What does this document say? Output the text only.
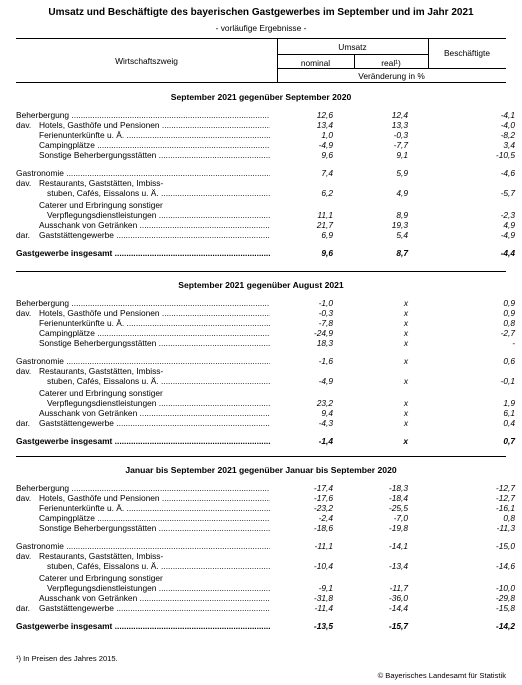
Umsatz und Beschäftigte des bayerischen Gastgewerbes im September und im Jahr 2021
- vorläufige Ergebnisse -
Wirtschaftszweig
Umsatz
Beschäftigte
nominal	real¹)
Veränderung in %
September 2021 gegenüber September 2020
Beherbergung .....	12,6	12,4	-4,1
dav. Hotels, Gasthöfe und Pensionen .....	13,4	13,3	-4,0
Ferienunterkünfte u. Ä. .....	1,0	-0,3	-8,2
Campingplätze .....	-4,9	-7,7	3,4
Sonstige Beherbergungsstätten .....	9,6	9,1	-10,5
Gastronomie .....	7,4	5,9	-4,6
dav. Restaurants, Gaststätten, Imbiss-
stuben, Cafés, Eissalons u. Ä. .....	6,2	4,9	-5,7
Caterer und Erbringung sonstiger
Verpflegungsdienstleistungen .....	11,1	8,9	-2,3
Ausschank von Getränken .....	21,7	19,3	4,9
dar. Gaststättengewerbe .....	6,9	5,4	-4,9
Gastgewerbe insgesamt .....	9,6	8,7	-4,4
September 2021 gegenüber August 2021
Beherbergung .....	-1,0	x	0,9
dav. Hotels, Gasthöfe und Pensionen .....	-0,3	x	0,9
Ferienunterkünfte u. Ä. .....	-7,8	x	0,8
Campingplätze .....	-24,9	x	-2,7
Sonstige Beherbergungsstätten .....	18,3	x	-
Gastronomie .....	-1,6	x	0,6
dav. Restaurants, Gaststätten, Imbiss-
stuben, Cafés, Eissalons u. Ä. .....	-4,9	x	-0,1
Caterer und Erbringung sonstiger
Verpflegungsdienstleistungen .....	23,2	x	1,9
Ausschank von Getränken .....	9,4	x	6,1
dar. Gaststättengewerbe .....	-4,3	x	0,4
Gastgewerbe insgesamt .....	-1,4	x	0,7
Januar bis September 2021 gegenüber Januar bis September 2020
Beherbergung .....	-17,4	-18,3	-12,7
dav. Hotels, Gasthöfe und Pensionen .....	-17,6	-18,4	-12,7
Ferienunterkünfte u. Ä. .....	-23,2	-25,5	-16,1
Campingplätze .....	-2,4	-7,0	0,8
Sonstige Beherbergungsstätten .....	-18,6	-19,8	-11,3
Gastronomie .....	-11,1	-14,1	-15,0
dav. Restaurants, Gaststätten, Imbiss-
stuben, Cafés, Eissalons u. Ä. .....	-10,4	-13,4	-14,6
Caterer und Erbringung sonstiger
Verpflegungsdienstleistungen .....	-9,1	-11,7	-10,0
Ausschank von Getränken .....	-31,8	-36,0	-29,8
dar. Gaststättengewerbe .....	-11,4	-14,4	-15,8
Gastgewerbe insgesamt .....	-13,5	-15,7	-14,2
¹) In Preisen des Jahres 2015.
© Bayerisches Landesamt für Statistik
